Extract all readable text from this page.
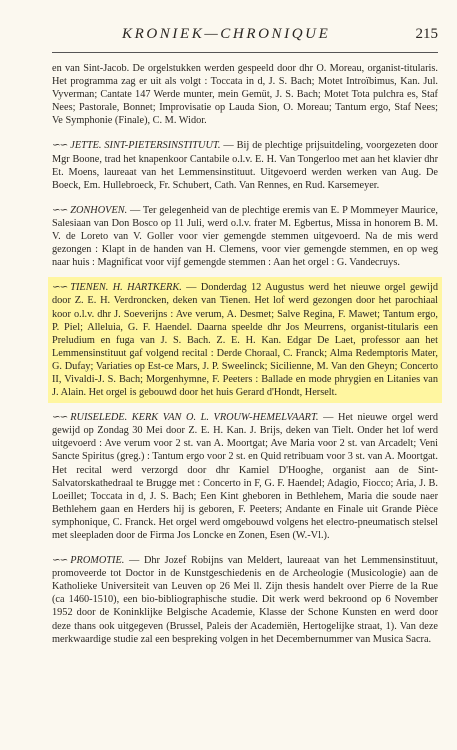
KRONIEK—CHRONIQUE	215

en van Sint-Jacob. De orgelstukken werden gespeeld door dhr O. Moreau, organist-titularis. Het programma zag er uit als volgt : Toccata in d, J. S. Bach; Motet Introïbimus, Kan. Jul. Vyverman; Cantate 147 Werde munter, mein Gemüt, J. S. Bach; Motet Tota pulchra es, Staf Nees; Pastorale, Bonnet; Improvisatie op Lauda Sion, O. Moreau; Tantum ergo, Staf Nees; Ve Symphonie (Finale), C. M. Widor.

∽∽ JETTE. SINT-PIETERSINSTITUUT. — Bij de plechtige prijsuitdeling, voorgezeten door Mgr Boone, trad het knapenkoor Cantabile o.l.v. E. H. Van Tongerloo met aan het klavier dhr Et. Moens, laureaat van het Lemmensinstituut. Uitgevoerd werden werken van Aug. De Boeck, Em. Hullebroeck, Fr. Schubert, Cath. Van Rennes, en Rud. Karsemeyer.

∽∽ ZONHOVEN. — Ter gelegenheid van de plechtige eremis van E. P Mommeyer Maurice, Salesiaan van Don Bosco op 11 Juli, werd o.l.v. frater M. Egbertus, Missa in honorem B. M. V. de Loreto van V. Goller voor vier gemengde stemmen uitgevoerd. Na de mis werd gezongen : Klapt in de handen van H. Clemens, voor vier gemengde stemmen, en op weg naar huis : Magnificat voor vijf gemengde stemmen : Aan het orgel : G. Vandecruys.

∽∽ TIENEN. H. HARTKERK. — Donderdag 12 Augustus werd het nieuwe orgel gewijd door Z. E. H. Verdroncken, deken van Tienen. Het lof werd gezongen door het parochiaal koor o.l.v. dhr J. Soeverijns : Ave verum, A. Desmet; Salve Regina, F. Mawet; Tantum ergo, P. Piel; Alleluia, G. F. Haendel. Daarna speelde dhr Jos Meurrens, organist-titularis een Preludium en fuga van J. S. Bach. Z. E. H. Kan. Edgar De Laet, professor aan het Lemmensinstituut gaf volgend recital : Derde Choraal, C. Franck; Alma Redemptoris Mater, G. Dufay; Variaties op Est-ce Mars, J. P. Sweelinck; Sicilienne, M. Van den Gheyn; Concerto II, Vivaldi-J. S. Bach; Morgenhymne, F. Peeters : Ballade en mode phrygien en Litanies van J. Alain. Het orgel is gebouwd door het huis Gerard d'Hondt, Herselt.

∽∽ RUISELEDE. KERK VAN O. L. VROUW-HEMELVAART. — Het nieuwe orgel werd gewijd op Zondag 30 Mei door Z. E. H. Kan. J. Brijs, deken van Tielt. Onder het lof werd uitgevoerd : Ave verum voor 2 st. van A. Moortgat; Ave Maria voor 2 st. van Arcadelt; Veni Sancte Spiritus (greg.) : Tantum ergo voor 2 st. en Quid retribuam voor 3 st. van A. Moortgat. Het recital werd verzorgd door dhr Kamiel D'Hooghe, organist aan de Sint-Salvatorskathedraal te Brugge met : Concerto in F, G. F. Haendel; Adagio, Fiocco; Aria, J. B. Loeillet; Toccata in d, J. S. Bach; Een Kint gheboren in Bethlehem, Maria die soude naer Bethlehem gaan en Herders hij is geboren, F. Peeters; Andante en Finale uit Grande Pièce symphonique, C. Franck. Het orgel werd omgebouwd volgens het electro-pneumatisch stelsel met sleepladen door de Firma Jos Loncke en Zonen, Esen (W.-Vl.).

∽∽ PROMOTIE. — Dhr Jozef Robijns van Meldert, laureaat van het Lemmensinstituut, promoveerde tot Doctor in de Kunstgeschiedenis en de Archeologie (Musicologie) aan de Katholieke Universiteit van Leuven op 26 Mei ll. Zijn thesis handelt over Pierre de la Rue (ca 1460-1510), een bio-bibliographische studie. Dit werk werd bekroond op 6 November 1952 door de Koninklijke Belgische Academie, Klasse der Schone Kunsten en werd door deze thans ook uitgegeven (Brussel, Paleis der Academiën, Hertogelijke straat, 1). Van deze merkwaardige studie zal een bespreking volgen in het Decembernummer van Musica Sacra.
